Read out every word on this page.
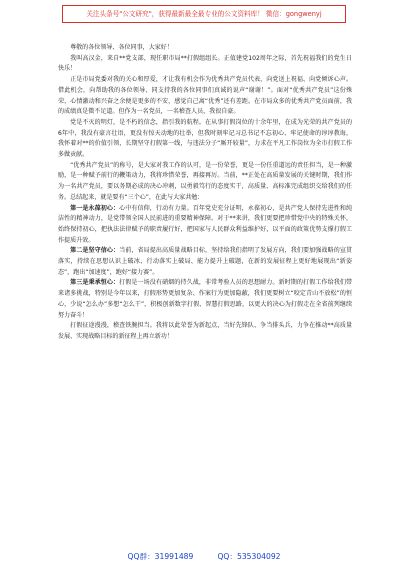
关注头条号"公文研究"，获得最新最全最专业的公文资料库！ 微信：gongwenyj

尊敬的各位领导、各位同事，大家好！

我叫高汉金，来自**党支部，现任职市局**打假组组长。正值建党102周年之际，首先祝福我们的党生日快乐！

正是市局党委对我的关心和厚爱，才让我有机会作为优秀共产党员代表，向党送上祝福、向党倾诉心声。借此机会，向帮助我的各位领导、同支持我的各位同事们真诚的说声“谢谢！”。面对“优秀共产党员”这份殊荣，心情激动和兴奋之余便是更多的不安，感觉自己离“优秀”还有差距。在市局众多的优秀共产党员面前，我的成绩真是微不足道。但作为一名党员，一名稽查人员，我很自豪。

党是不灭的明灯，是不朽的信念，指引我的航程。在从事打假岗位的十余年里，在成为光荣的共产党员的6年中，我没有豪言壮语，更没有惊天动地的壮举，但我时刻牢记习总书记不忘初心、牢记使命的谆谆教诲，我怀着对**的价值引领，长期坚守打假第一线，与违法分子“厮开较量”，力求在平凡工作岗位为全市打假工作多做贡献。

“优秀共产党员”的称号，是大家对我工作的认可，是一份荣誉，更是一份任重道远的责任担当，是一种激励，是一种赋予前行的鞭策动力，我将珍惜荣誉，再接再厉。当前，**正处在高质量发展的关键时期，我们作为一名共产党员，要以务期必成的决心冲刺，以勇毅笃行的态度实干，高质量、高标准完成组织交给我们的任务。总结起来，就是要有“三个心”，在此与大家共勉：

第一是永葆初心：心中有信仰，行动有力量。百年党史充分证明，永葆初心，是共产党人保持先进性和纯洁性的精神动力，是党带领全国人民前进的重要精神保障。对于**来讲，我们更要把珍惜党中央的特殊关怀，始终保持初心，把执法法律赋予的职责履行好，把国家与人民群众利益维护好，以平面的政策优势支撑打假工作提质升效。

第二是坚守信心：当前，省局提出高质量战略目标，坚持给我们指明了发展方向，我们要加强战略的宣贯落实，持续在思想认识上破冰、行动落实上破局、能力提升上破题，在新的发展征程上更好地展现出“新姿态”，跑出“加速度”，跑好“接力赛”。

第三是秉承恒心：打假是一场没有硝烟的持久战，非常考验人员的思想耐力。新时期的打假工作给我们带来诸多挑战，特别是今年以来，打假形势更加复杂、作案行为更加隐蔽，我们更要树立“咬定青山不放松”的恒心，少说“怎么办”多想“怎么干”，积极创新数字打假、智慧打假思路，以更大的决心为打假走在全省前列继续努力奋斗！

打假征途漫漫，稽查铁腕担当。我将以此荣誉为新起点，当好先锋队、争当排头兵，力争在推动**高质量发展、实现战略目标的新征程上再立新功！

QQ群：31991489	QQ：535304092
